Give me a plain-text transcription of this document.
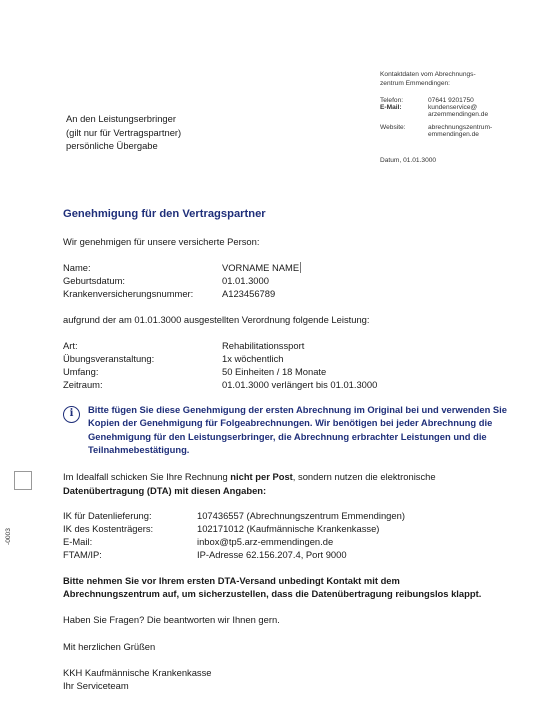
Kontaktdaten vom Abrechnungs-
zentrum Emmendingen:
Telefon:	07641 9201750
E-Mail:	kundenservice@
arzemmendingen.de
Website:	abrechnungszentrum-
emmendingen.de
Datum, 01.01.3000
An den Leistungserbringer
(gilt nur für Vertragspartner)
persönliche Übergabe
Genehmigung für den Vertragspartner
Wir genehmigen für unsere versicherte Person:
Name:	VORNAME NAME
Geburtsdatum:	01.01.3000
Krankenversicherungsnummer:	A123456789
aufgrund der am 01.01.3000 ausgestellten Verordnung folgende Leistung:
Art:	Rehabilitationssport
Übungsveranstaltung:	1x wöchentlich
Umfang:	50 Einheiten / 18 Monate
Zeitraum:	01.01.3000 verlängert bis 01.01.3000
i	Bitte fügen Sie diese Genehmigung der ersten Abrechnung im Original bei und verwenden Sie Kopien der Genehmigung für Folgeabrechnungen. Wir benötigen bei jeder Abrechnung die Genehmigung für den Leistungserbringer, die Abrechnung erbrachter Leistungen und die Teilnahmebestätigung.
-0003
Im Idealfall schicken Sie Ihre Rechnung nicht per Post, sondern nutzen die elektronische
Datenübertragung (DTA) mit diesen Angaben:
IK für Datenlieferung:	107436557 (Abrechnungszentrum Emmendingen)
IK des Kostenträgers:	102171012 (Kaufmännische Krankenkasse)
E-Mail:	inbox@tp5.arz-emmendingen.de
FTAM/IP:	IP-Adresse 62.156.207.4, Port 9000
Bitte nehmen Sie vor Ihrem ersten DTA-Versand unbedingt Kontakt mit dem
Abrechnungszentrum auf, um sicherzustellen, dass die Datenübertragung reibungslos klappt.
Haben Sie Fragen? Die beantworten wir Ihnen gern.
Mit herzlichen Grüßen
KKH Kaufmännische Krankenkasse
Ihr Serviceteam
